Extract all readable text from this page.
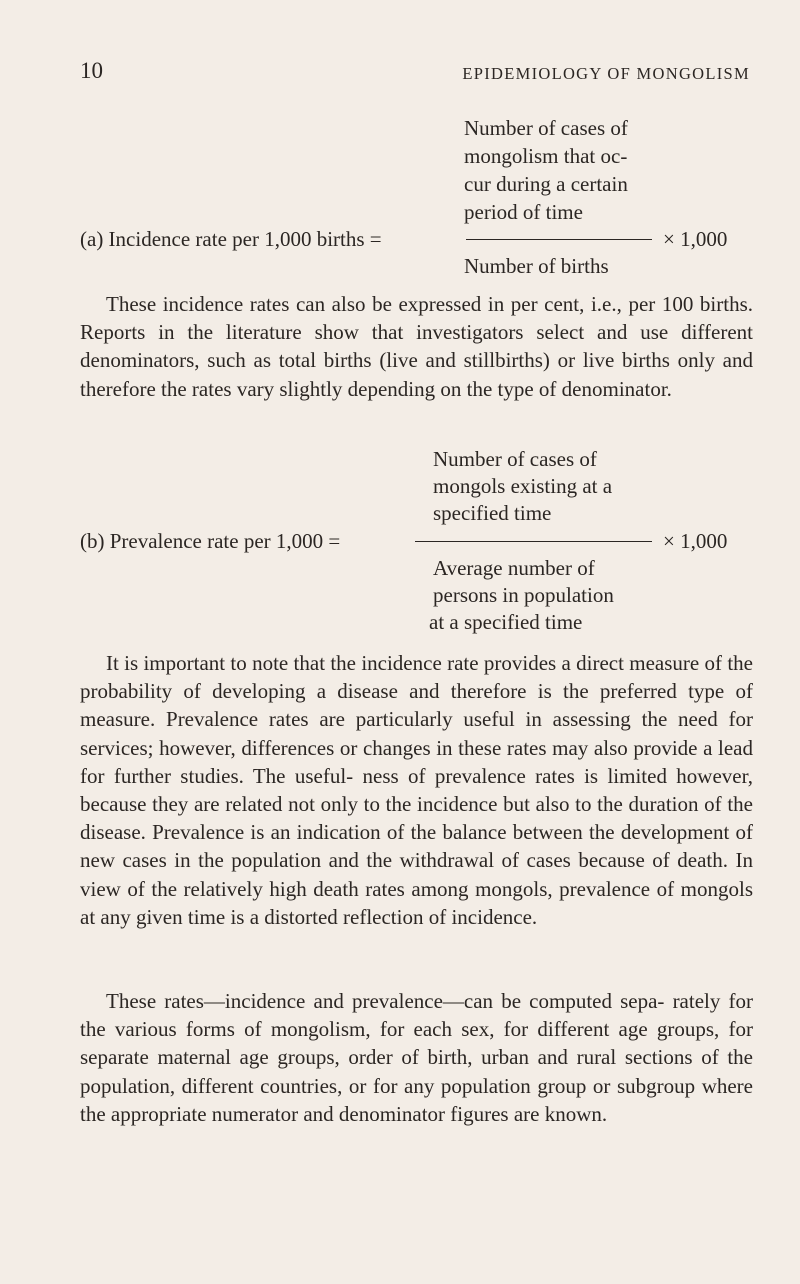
10	EPIDEMIOLOGY OF MONGOLISM
Number of cases of
mongolism that oc-
cur during a certain
period of time
(a) Incidence rate per 1,000 births =	× 1,000
Number of births
These incidence rates can also be expressed in per cent, i.e., per 100 births. Reports in the literature show that investigators select and use different denominators, such as total births (live and stillbirths) or live births only and therefore the rates vary slightly depending on the type of denominator.
Number of cases of
mongols existing at a
specified time
(b) Prevalence rate per 1,000 =	× 1,000
Average number of
persons in population
at a specified time
It is important to note that the incidence rate provides a direct measure of the probability of developing a disease and therefore is the preferred type of measure. Prevalence rates are particularly useful in assessing the need for services; however, differences or changes in these rates may also provide a lead for further studies. The useful- ness of prevalence rates is limited however, because they are related not only to the incidence but also to the duration of the disease. Prevalence is an indication of the balance between the development of new cases in the population and the withdrawal of cases because of death. In view of the relatively high death rates among mongols, prevalence of mongols at any given time is a distorted reflection of incidence.
These rates—incidence and prevalence—can be computed sepa- rately for the various forms of mongolism, for each sex, for different age groups, for separate maternal age groups, order of birth, urban and rural sections of the population, different countries, or for any population group or subgroup where the appropriate numerator and denominator figures are known.
